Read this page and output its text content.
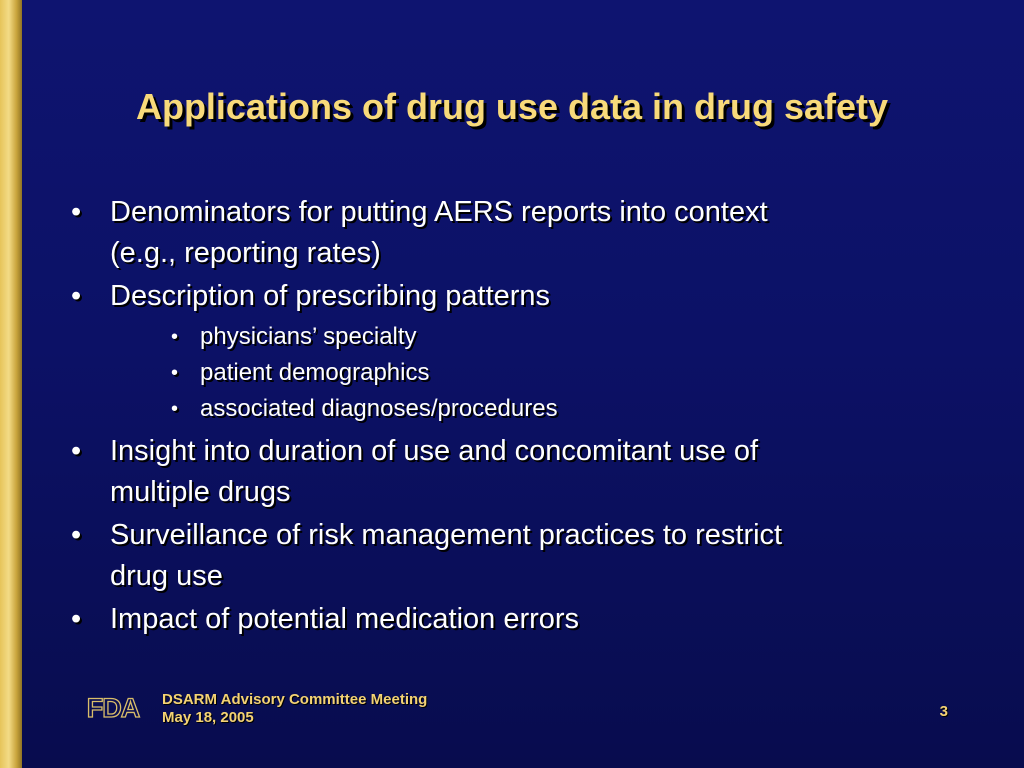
Applications of drug use data in drug safety
• Denominators for putting AERS reports into context
(e.g., reporting rates)
• Description of prescribing patterns
• physicians’ specialty
• patient demographics
• associated diagnoses/procedures
• Insight into duration of use and concomitant use of
multiple drugs
• Surveillance of risk management practices to restrict
drug use
• Impact of potential medication errors
FDA DSARM Advisory Committee Meeting
May 18, 2005	3
